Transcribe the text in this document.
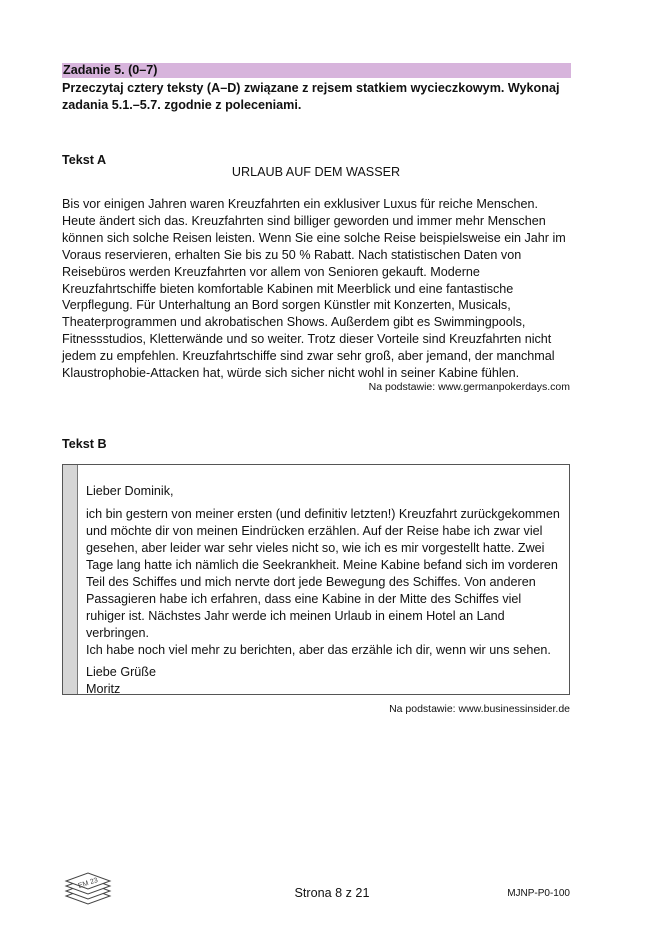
Zadanie 5. (0–7)
Przeczytaj cztery teksty (A–D) związane z rejsem statkiem wycieczkowym. Wykonaj zadania 5.1.–5.7. zgodnie z poleceniami.
Tekst A
URLAUB AUF DEM WASSER

Bis vor einigen Jahren waren Kreuzfahrten ein exklusiver Luxus für reiche Menschen. Heute ändert sich das. Kreuzfahrten sind billiger geworden und immer mehr Menschen können sich solche Reisen leisten. Wenn Sie eine solche Reise beispielsweise ein Jahr im Voraus reservieren, erhalten Sie bis zu 50 % Rabatt. Nach statistischen Daten von Reisebüros werden Kreuzfahrten vor allem von Senioren gekauft. Moderne Kreuzfahrtschiffe bieten komfortable Kabinen mit Meerblick und eine fantastische Verpflegung. Für Unterhaltung an Bord sorgen Künstler mit Konzerten, Musicals, Theaterprogrammen und akrobatischen Shows. Außerdem gibt es Swimmingpools, Fitnessstudios, Kletterwände und so weiter. Trotz dieser Vorteile sind Kreuzfahrten nicht jedem zu empfehlen. Kreuzfahrtschiffe sind zwar sehr groß, aber jemand, der manchmal Klaustrophobie-Attacken hat, würde sich sicher nicht wohl in seiner Kabine fühlen.

Na podstawie: www.germanpokerdays.com
Tekst B

Lieber Dominik,

ich bin gestern von meiner ersten (und definitiv letzten!) Kreuzfahrt zurückgekommen und möchte dir von meinen Eindrücken erzählen. Auf der Reise habe ich zwar viel gesehen, aber leider war sehr vieles nicht so, wie ich es mir vorgestellt hatte. Zwei Tage lang hatte ich nämlich die Seekrankheit. Meine Kabine befand sich im vorderen Teil des Schiffes und mich nervte dort jede Bewegung des Schiffes. Von anderen Passagieren habe ich erfahren, dass eine Kabine in der Mitte des Schiffes viel ruhiger ist. Nächstes Jahr werde ich meinen Urlaub in einem Hotel an Land verbringen.

Ich habe noch viel mehr zu berichten, aber das erzähle ich dir, wenn wir uns sehen.

Liebe Grüße

Moritz

Na podstawie: www.businessinsider.de
EM 23
Strona 8 z 21	MJNP-P0-100
